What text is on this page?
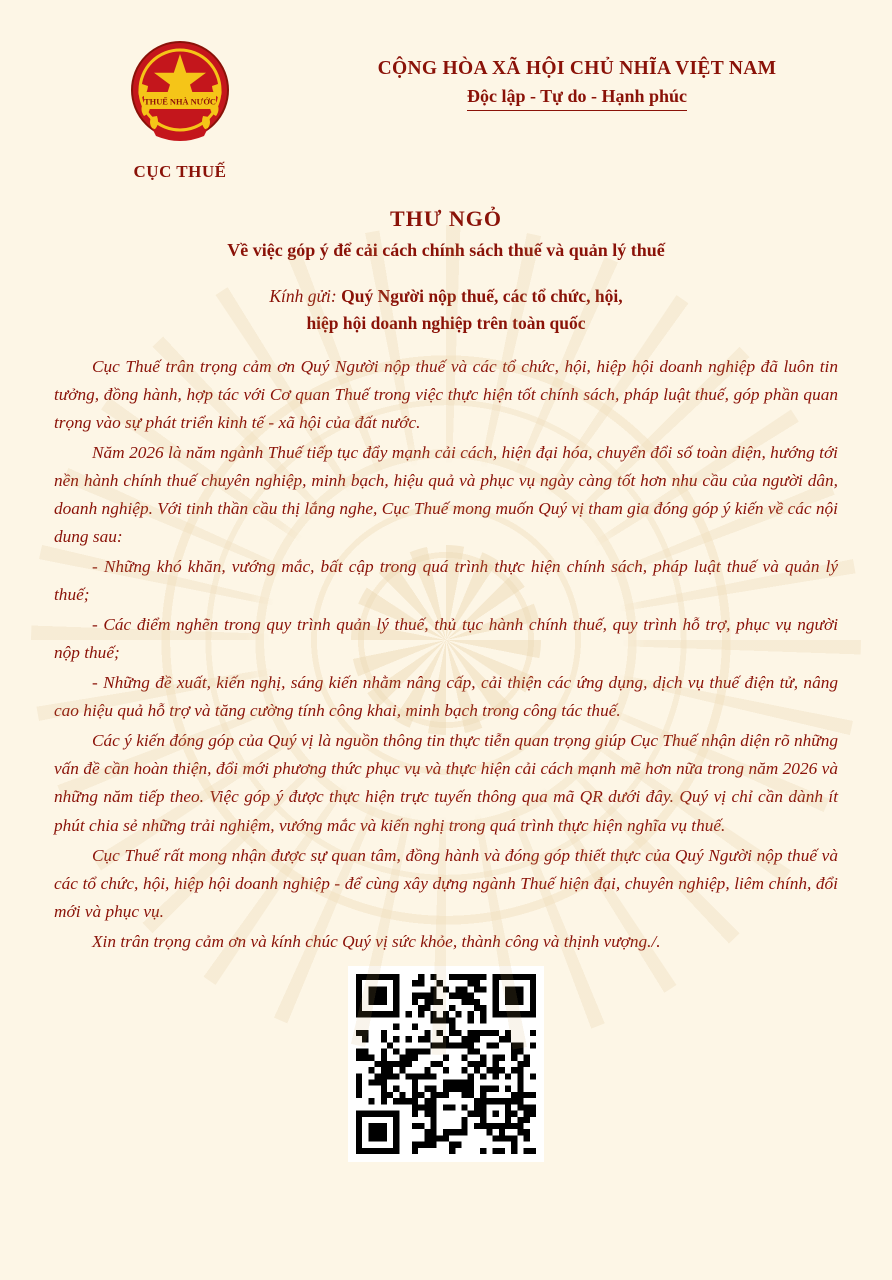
THUẾ NHÀ NƯỚC
CỤC THUẾ
CỘNG HÒA XÃ HỘI CHỦ NHĨA VIỆT NAM
Độc lập - Tự do - Hạnh phúc
THƯ NGỎ
Về việc góp ý để cải cách chính sách thuế và quản lý thuế
Kính gửi: Quý Người nộp thuế, các tổ chức, hội,
hiệp hội doanh nghiệp trên toàn quốc

Cục Thuế trân trọng cảm ơn Quý Người nộp thuế và các tổ chức, hội, hiệp hội doanh nghiệp đã luôn tin tưởng, đồng hành, hợp tác với Cơ quan Thuế trong việc thực hiện tốt chính sách, pháp luật thuế, góp phần quan trọng vào sự phát triển kinh tế - xã hội của đất nước.

Năm 2026 là năm ngành Thuế tiếp tục đẩy mạnh cải cách, hiện đại hóa, chuyển đổi số toàn diện, hướng tới nền hành chính thuế chuyên nghiệp, minh bạch, hiệu quả và phục vụ ngày càng tốt hơn nhu cầu của người dân, doanh nghiệp. Với tinh thần cầu thị lắng nghe, Cục Thuế mong muốn Quý vị tham gia đóng góp ý kiến về các nội dung sau:

- Những khó khăn, vướng mắc, bất cập trong quá trình thực hiện chính sách, pháp luật thuế và quản lý thuế;

- Các điểm nghẽn trong quy trình quản lý thuế, thủ tục hành chính thuế, quy trình hỗ trợ, phục vụ người nộp thuế;

- Những đề xuất, kiến nghị, sáng kiến nhằm nâng cấp, cải thiện các ứng dụng, dịch vụ thuế điện tử, nâng cao hiệu quả hỗ trợ và tăng cường tính công khai, minh bạch trong công tác thuế.

Các ý kiến đóng góp của Quý vị là nguồn thông tin thực tiễn quan trọng giúp Cục Thuế nhận diện rõ những vấn đề cần hoàn thiện, đổi mới phương thức phục vụ và thực hiện cải cách mạnh mẽ hơn nữa trong năm 2026 và những năm tiếp theo. Việc góp ý được thực hiện trực tuyến thông qua mã QR dưới đây. Quý vị chỉ cần dành ít phút chia sẻ những trải nghiệm, vướng mắc và kiến nghị trong quá trình thực hiện nghĩa vụ thuế.

Cục Thuế rất mong nhận được sự quan tâm, đồng hành và đóng góp thiết thực của Quý Người nộp thuế và các tổ chức, hội, hiệp hội doanh nghiệp - để cùng xây dựng ngành Thuế hiện đại, chuyên nghiệp, liêm chính, đổi mới và phục vụ.

Xin trân trọng cảm ơn và kính chúc Quý vị sức khỏe, thành công và thịnh vượng./.
